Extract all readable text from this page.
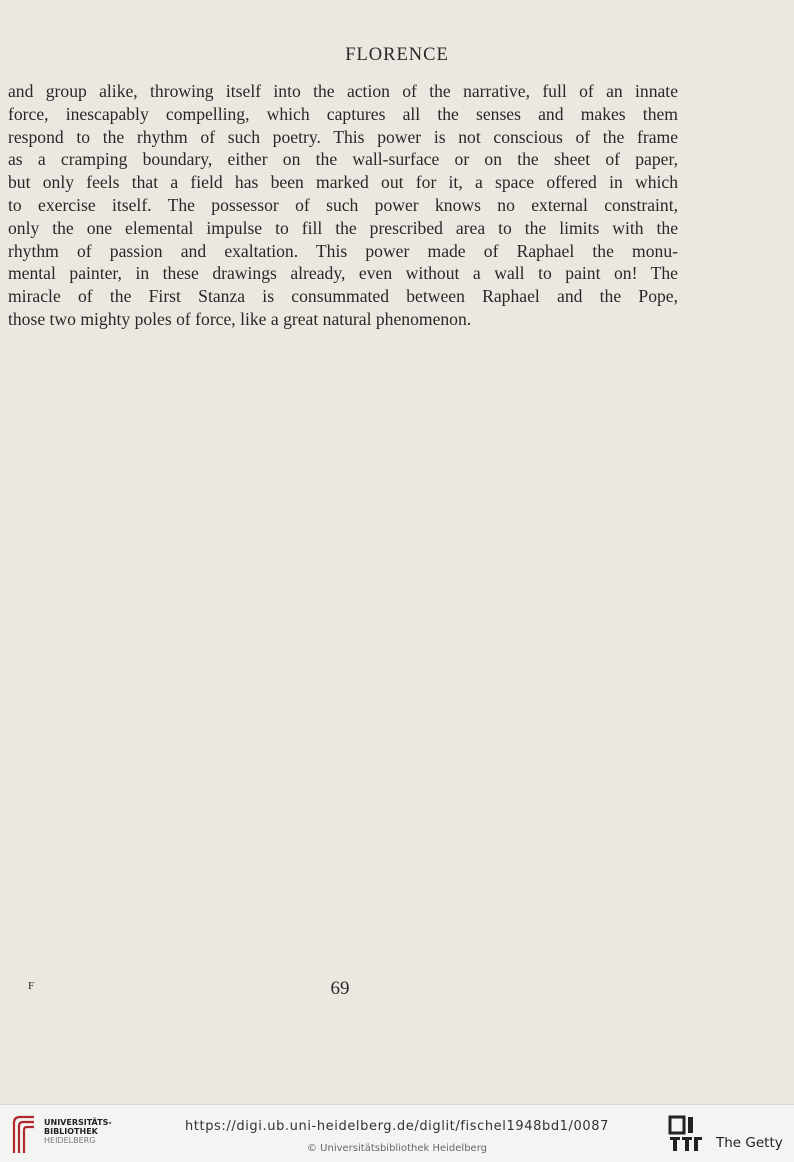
FLORENCE
and group alike, throwing itself into the action of the narrative, full of an innate
force, inescapably compelling, which captures all the senses and makes them
respond to the rhythm of such poetry. This power is not conscious of the frame
as a cramping boundary, either on the wall-surface or on the sheet of paper,
but only feels that a field has been marked out for it, a space offered in which
to exercise itself. The possessor of such power knows no external constraint,
only the one elemental impulse to fill the prescribed area to the limits with the
rhythm of passion and exaltation. This power made of Raphael the monu-
mental painter, in these drawings already, even without a wall to paint on! The
miracle of the First Stanza is consummated between Raphael and the Pope,
those two mighty poles of force, like a great natural phenomenon.
F	69
UNIVERSITÄTS-
BIBLIOTHEK
HEIDELBERG
https://digi.ub.uni-heidelberg.de/diglit/fischel1948bd1/0087
© Universitätsbibliothek Heidelberg	The Getty
